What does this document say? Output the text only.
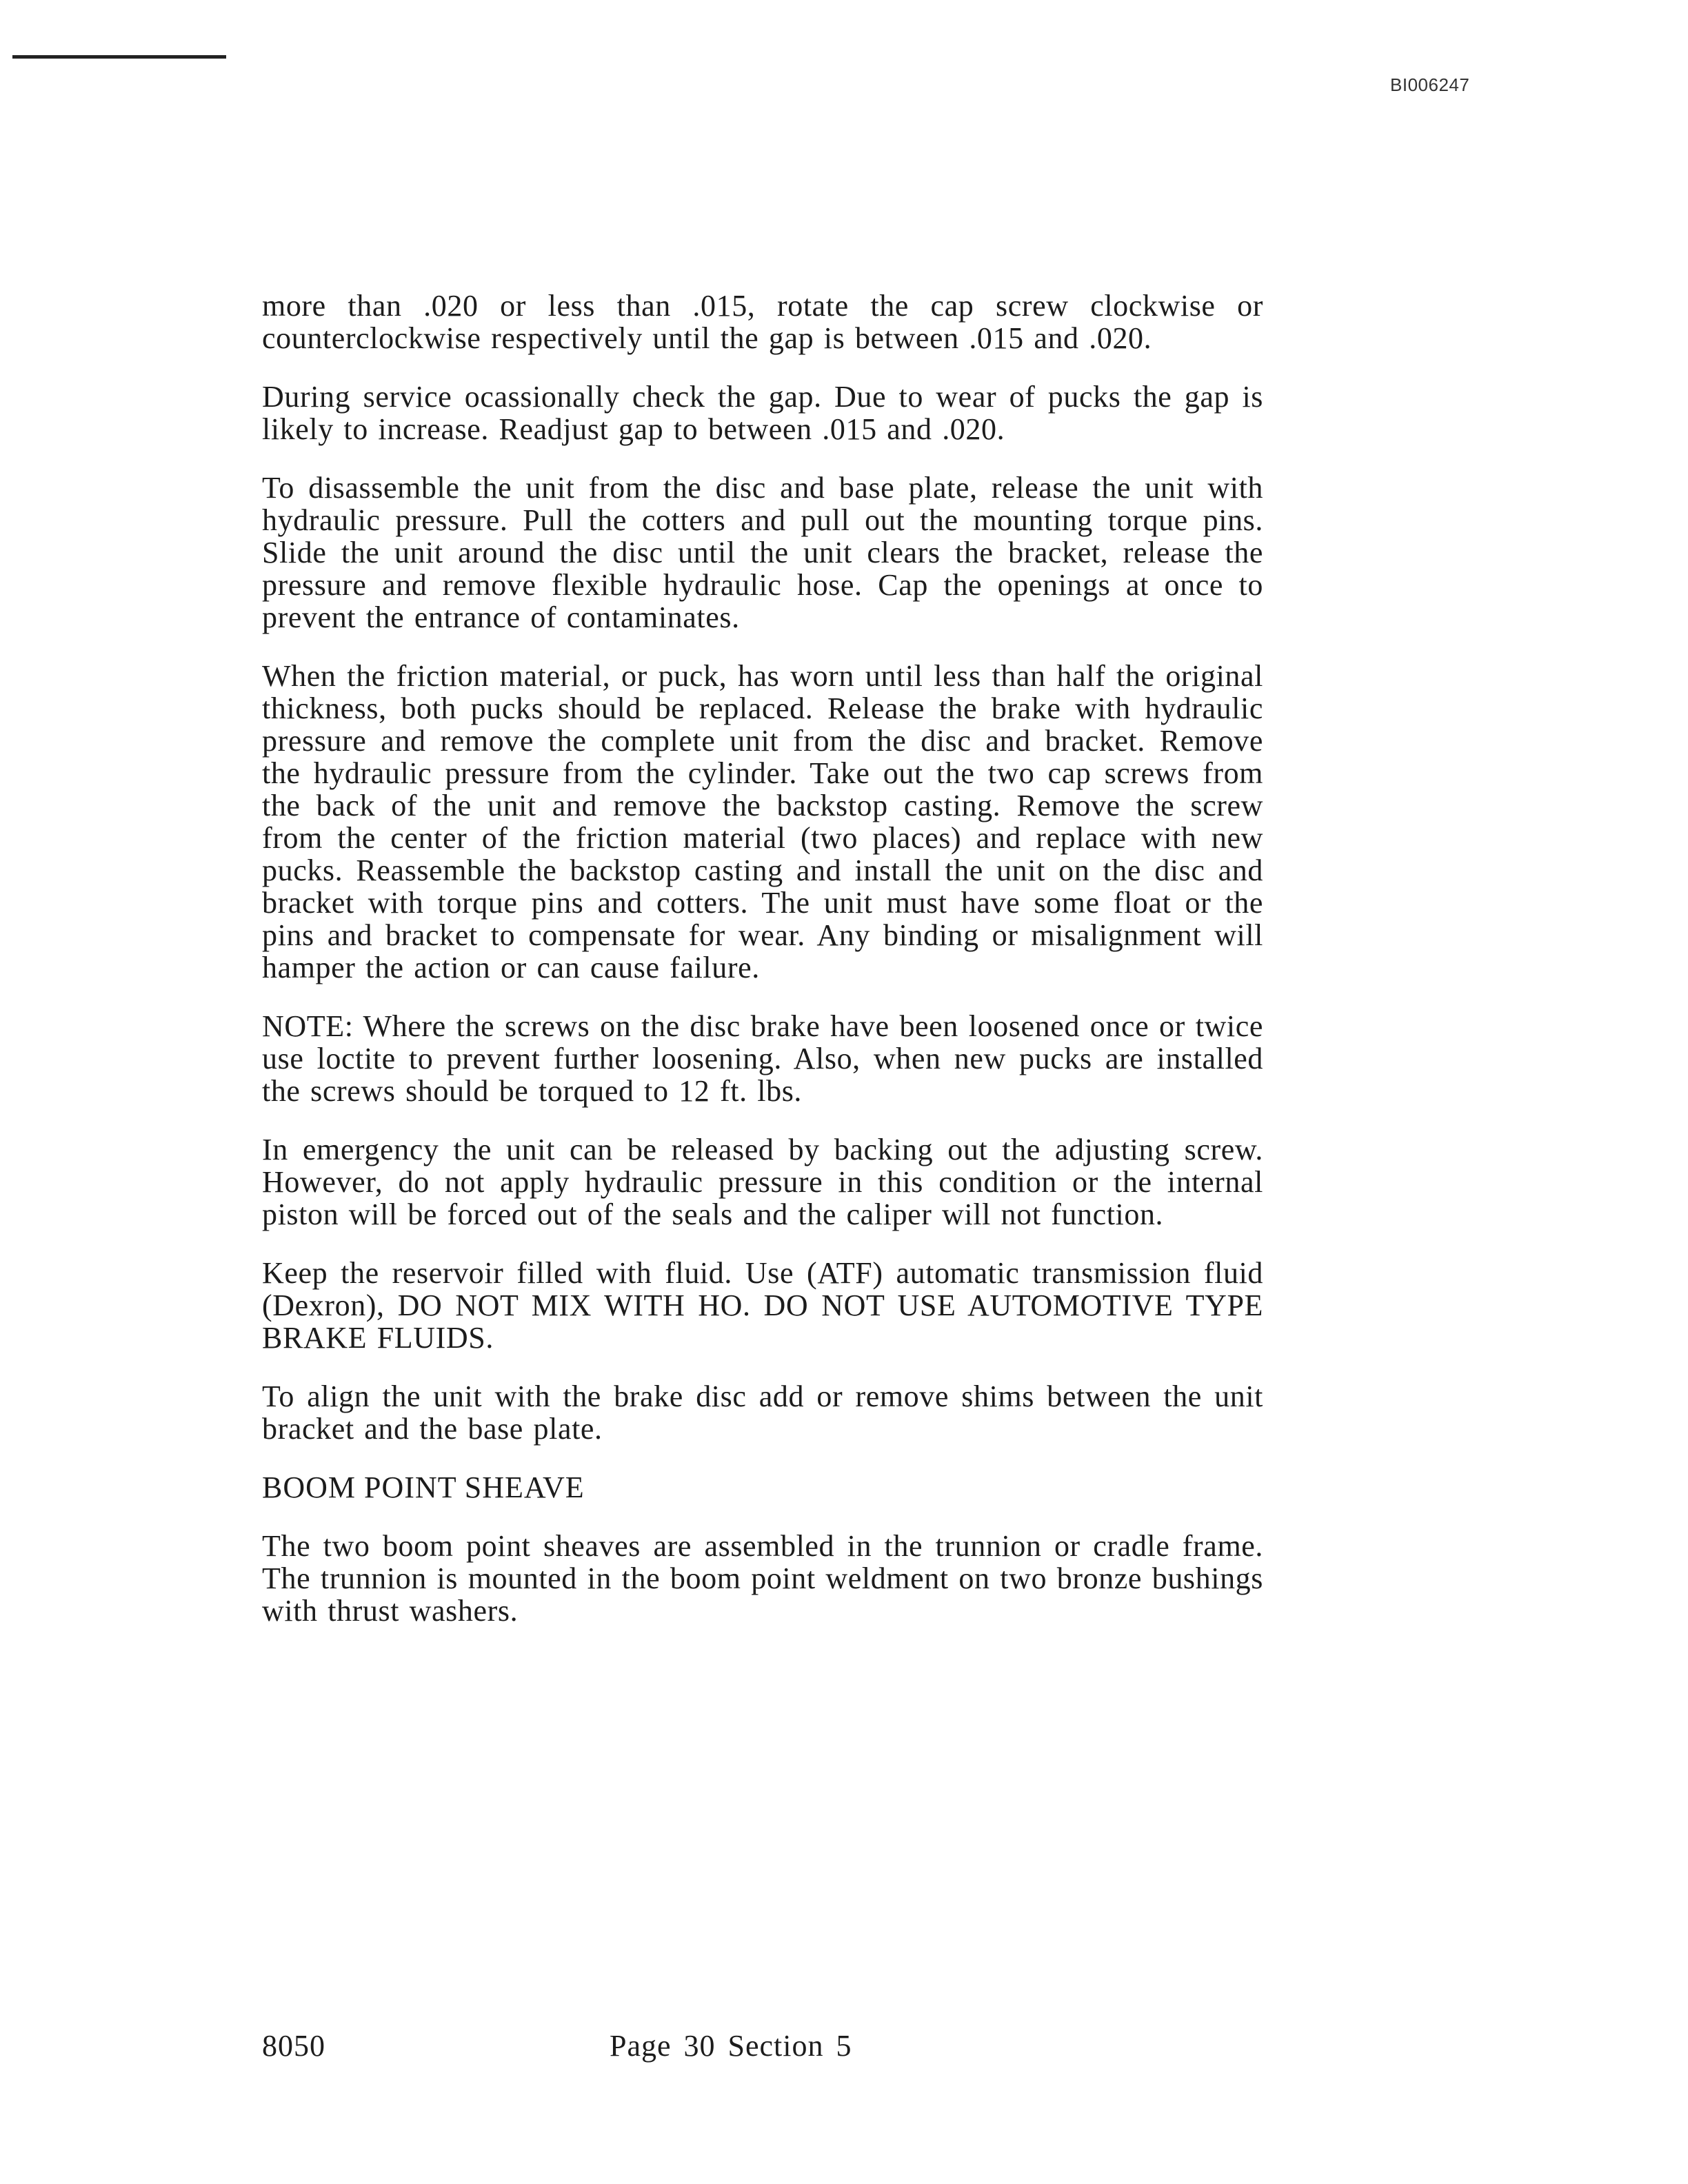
BI006247

more than .020 or less than .015, rotate the cap screw clockwise or counterclockwise respectively until the gap is between .015 and .020.

During service ocassionally check the gap. Due to wear of pucks the gap is likely to increase. Readjust gap to between .015 and .020.

To disassemble the unit from the disc and base plate, release the unit with hydraulic pressure. Pull the cotters and pull out the mounting torque pins. Slide the unit around the disc until the unit clears the bracket, release the pressure and remove flexible hydraulic hose. Cap the openings at once to prevent the entrance of contaminates.

When the friction material, or puck, has worn until less than half the original thickness, both pucks should be replaced. Release the brake with hydraulic pressure and remove the complete unit from the disc and bracket. Remove the hydraulic pressure from the cylinder. Take out the two cap screws from the back of the unit and remove the backstop casting. Remove the screw from the center of the friction material (two places) and replace with new pucks. Reassemble the backstop casting and install the unit on the disc and bracket with torque pins and cotters. The unit must have some float or the pins and bracket to compensate for wear. Any binding or misalignment will hamper the action or can cause failure.

NOTE: Where the screws on the disc brake have been loosened once or twice use loctite to prevent further loosening. Also, when new pucks are installed the screws should be torqued to 12 ft. lbs.

In emergency the unit can be released by backing out the adjusting screw. However, do not apply hydraulic pressure in this condition or the internal piston will be forced out of the seals and the caliper will not function.

Keep the reservoir filled with fluid. Use (ATF) automatic transmission fluid (Dexron), DO NOT MIX WITH HO. DO NOT USE AUTOMOTIVE TYPE BRAKE FLUIDS.

To align the unit with the brake disc add or remove shims between the unit bracket and the base plate.

BOOM POINT SHEAVE

The two boom point sheaves are assembled in the trunnion or cradle frame. The trunnion is mounted in the boom point weldment on two bronze bushings with thrust washers.

8050	Page 30 Section 5
